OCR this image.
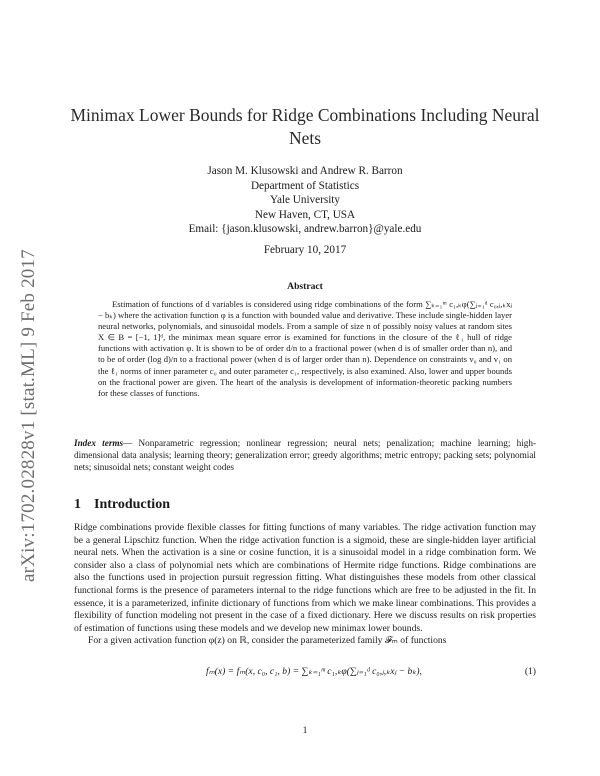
arXiv:1702.02828v1 [stat.ML] 9 Feb 2017
Minimax Lower Bounds for Ridge Combinations Including Neural Nets
Jason M. Klusowski and Andrew R. Barron
Department of Statistics
Yale University
New Haven, CT, USA
Email: {jason.klusowski, andrew.barron}@yale.edu
February 10, 2017
Abstract
Estimation of functions of d variables is considered using ridge combinations of the form ∑ₖ₌₁ᵐ c₁,ₖφ(∑ⱼ₌₁ᵈ c₀,ⱼ,ₖxⱼ − bₖ) where the activation function φ is a function with bounded value and derivative. These include single-hidden layer neural networks, polynomials, and sinusoidal models. From a sample of size n of possibly noisy values at random sites X ∈ B = [−1, 1]ᵈ, the minimax mean square error is examined for functions in the closure of the ℓ₁ hull of ridge functions with activation φ. It is shown to be of order d/n to a fractional power (when d is of smaller order than n), and to be of order (log d)/n to a fractional power (when d is of larger order than n). Dependence on constraints v₀ and v₁ on the ℓ₁ norms of inner parameter c₀ and outer parameter c₁, respectively, is also examined. Also, lower and upper bounds on the fractional power are given. The heart of the analysis is development of information-theoretic packing numbers for these classes of functions.
Index terms— Nonparametric regression; nonlinear regression; neural nets; penalization; machine learning; high-dimensional data analysis; learning theory; generalization error; greedy algorithms; metric entropy; packing sets; polynomial nets; sinusoidal nets; constant weight codes
1 Introduction

Ridge combinations provide flexible classes for fitting functions of many variables. The ridge activation function may be a general Lipschitz function. When the ridge activation function is a sigmoid, these are single-hidden layer artificial neural nets. When the activation is a sine or cosine function, it is a sinusoidal model in a ridge combination form. We consider also a class of polynomial nets which are combinations of Hermite ridge functions. Ridge combinations are also the functions used in projection pursuit regression fitting. What distinguishes these models from other classical functional forms is the presence of parameters internal to the ridge functions which are free to be adjusted in the fit. In essence, it is a parameterized, infinite dictionary of functions from which we make linear combinations. This provides a flexibility of function modeling not present in the case of a fixed dictionary. Here we discuss results on risk properties of estimation of functions using these models and we develop new minimax lower bounds.

For a given activation function φ(z) on ℝ, consider the parameterized family 𝓕ₘ of functions

fₘ(x) = fₘ(x, c₀, c₁, b) = ∑ₖ₌₁ᵐ c₁,ₖφ(∑ⱼ₌₁ᵈ c₀,ⱼ,ₖxⱼ − bₖ),	(1)
1
